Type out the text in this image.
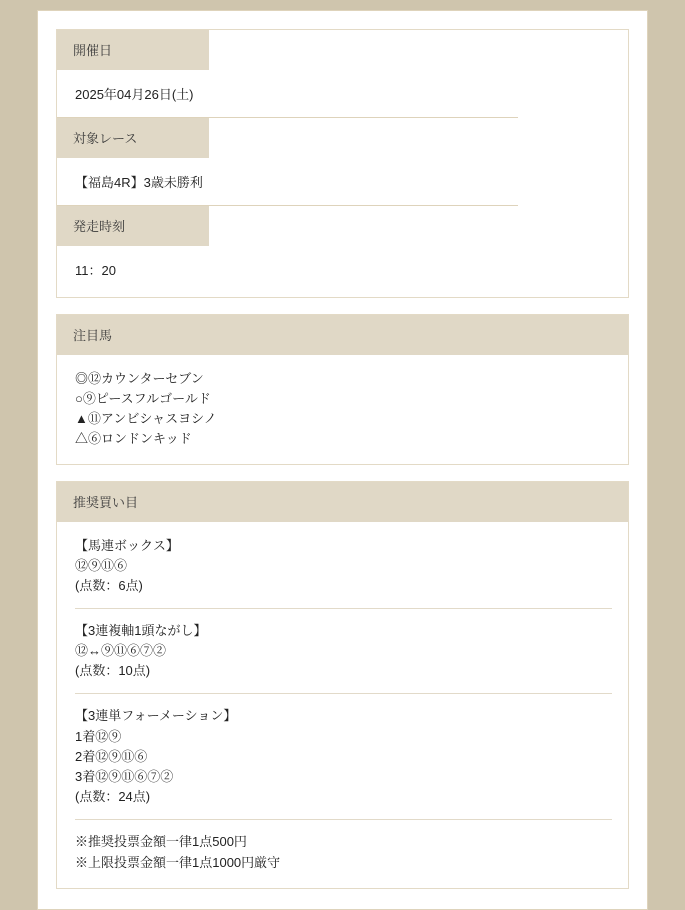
開催日
2025年04月26日(土)
対象レース
【福島4R】3歳未勝利
発走時刻
11：20
注目馬
◎⑫カウンターセブン
○⑨ピースフルゴールド
▲⑪アンビシャスヨシノ
△⑥ロンドンキッド
推奨買い目
【馬連ボックス】
⑫⑨⑪⑥
(点数：6点)
【3連複軸1頭ながし】
⑫↔⑨⑪⑥⑦②
(点数：10点)
【3連単フォーメーション】
1着⑫⑨
2着⑫⑨⑪⑥
3着⑫⑨⑪⑥⑦②
(点数：24点)
※推奨投票金額一律1点500円
※上限投票金額一律1点1000円厳守
